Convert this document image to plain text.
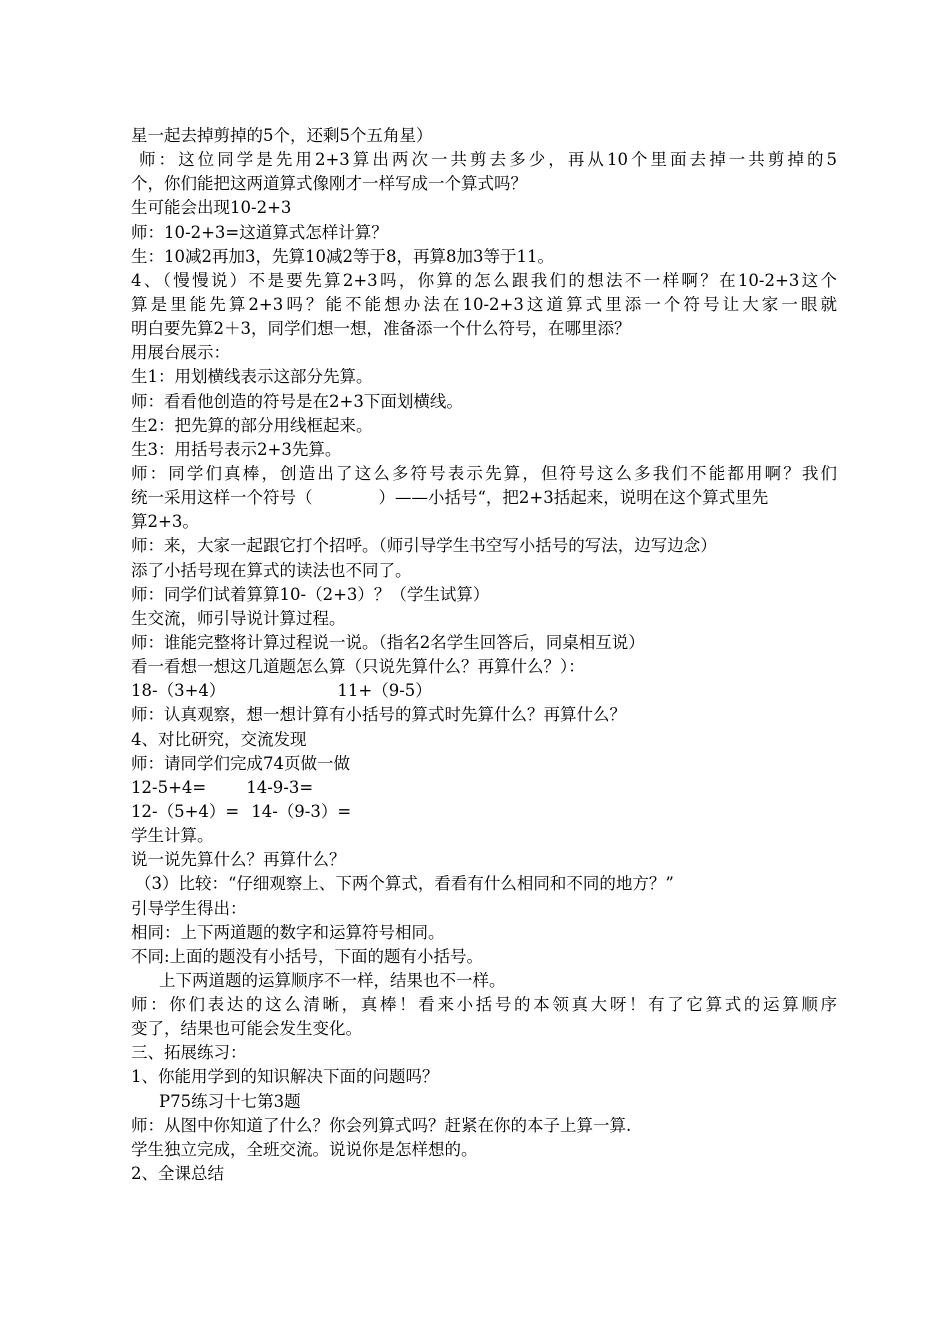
星一起去掉剪掉的5个，还剩5个五角星）
师：这位同学是先用2+3算出两次一共剪去多少，再从10个里面去掉一共剪掉的5
个，你们能把这两道算式像刚才一样写成一个算式吗？
生可能会出现10-2+3
师：10-2+3=这道算式怎样计算？
生：10减2再加3，先算10减2等于8，再算8加3等于11。
4、（慢慢说）不是要先算2+3吗，你算的怎么跟我们的想法不一样啊？在10-2+3这个
算是里能先算2+3吗？能不能想办法在10-2+3这道算式里添一个符号让大家一眼就
明白要先算2＋3，同学们想一想，准备添一个什么符号，在哪里添？
用展台展示：
生1：用划横线表示这部分先算。
师：看看他创造的符号是在2+3下面划横线。
生2：把先算的部分用线框起来。
生3：用括号表示2+3先算。
师：同学们真棒，创造出了这么多符号表示先算，但符号这么多我们不能都用啊？我们
统一采用这样一个符号（	）——小括号“，把2+3括起来，说明在这个算式里先
算2+3。
师：来，大家一起跟它打个招呼。（师引导学生书空写小括号的写法，边写边念）
添了小括号现在算式的读法也不同了。
师：同学们试着算算10-（2+3）？（学生试算）
生交流，师引导说计算过程。
师：谁能完整将计算过程说一说。（指名2名学生回答后，同桌相互说）
看一看想一想这几道题怎么算（只说先算什么？再算什么？）：
18-（3+4）	11+（9-5）
师：认真观察，想一想计算有小括号的算式时先算什么？再算什么？
4、对比研究，交流发现
师：请同学们完成74页做一做
12-5+4= 14-9-3=
12-（5+4）= 14-（9-3）=
学生计算。
说一说先算什么？再算什么？
（3）比较：“仔细观察上、下两个算式，看看有什么相同和不同的地方？”
引导学生得出：
相同：上下两道题的数字和运算符号相同。
不同:上面的题没有小括号，下面的题有小括号。
上下两道题的运算顺序不一样，结果也不一样。
师：你们表达的这么清晰，真棒！看来小括号的本领真大呀！有了它算式的运算顺序
变了，结果也可能会发生变化。
三、拓展练习：
1、你能用学到的知识解决下面的问题吗？
P75练习十七第3题
师：从图中你知道了什么？你会列算式吗？赶紧在你的本子上算一算.
学生独立完成，全班交流。说说你是怎样想的。
2、全课总结
